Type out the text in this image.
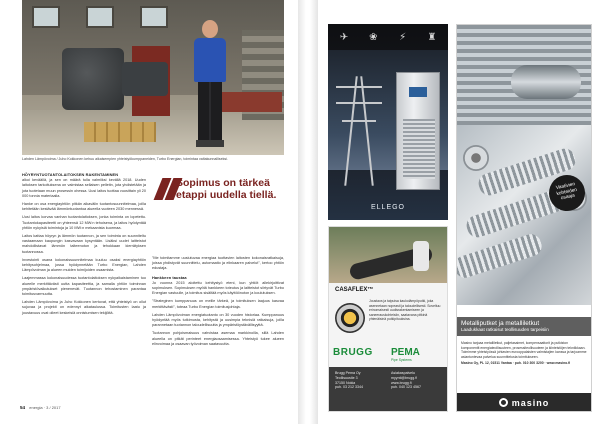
Lahden Lämpövoima / Juho Kokkonen kehuu aikaisempien yhteistyökumppaneiden, Turbo Energian, toimintaa valtakunnalliseksi.

HÖYRYNTUOTANTOLAITOKSEN RAKENTAMINEN

alkoi keväällä, ja sen on määrä tulla valmiiksi kevällä 2018. Uuden laitoksen tarkoituksena on valmistaa sellaisen pelletin, jota yhdistetään ja jota tuotetaan muun prosessin ohessa. Uusi laitos tuottaa vuosittain yli 20 000 tonnia materiaalia.

Hanke on osa energiayhtiön pitkän aikavälin tuotantosuunnitelmaa, joilla kehitetään kestävää lämmöntuotantoa alueella vuoteen 2030 mennessä.

Uusi laitos korvaa vanhan tuotantolaitoksen, jonka toiminta on lopetettu. Tuotantokapasiteetti on yhteensä 12 MW:n tehoisena, ja laitos hyödyntää yhtiön nykyisiä toimintoja ja 10 MW:n mekaanista kuormaa.

Laitos kattaa höyryn ja lämmön tuotannon, ja sen toiminta on suunniteltu vastaamaan kaupungin kasvavaan kysyntään. Lisäksi uudet laitteistot mahdollistavat lämmön talteenoton ja tehokkaan kierrätyksen tuotannossa.

Investointi osana kokonaissuunnitelmaa kuuluu osaksi energiayhtiön kehitysohjelmaa, jossa hyödynnetään Turbo Energian, Lahden Lämpövoiman ja alueen muiden toimijoiden osaamista.

Laajemmassa kokonaisuudessa tuotantolaitoksen nykyaikaistaminen tuo alueelle merkittävästi uutta kapasiteettia, ja samalla yhtiön toiminnan ympäristövaikutukset pienenevät. Tuotannon tehostaminen parantaa toimitusvarmuutta.

Lahden Lämpövoima ja Juho Kokkonen kertovat, että yhteistyö on ollut sujuvaa ja projekti on edennyt aikataulussa. Toimitusten laatu ja joustavuus ovat olleet keskeisiä onnistumisen tekijöitä.

Sopimus on tärkeä etappi uudella tiellä.

"Me toimitamme uusiutuvaa energiaa tuottavien laitosten kokonaisratkaisuja, joissa yhdistyvät suunnittelu, automaatio ja elinkaaren palvelut", kertoo yhtiön edustaja.

Hankkeen taustaa

Jo vuonna 2015 aloitettu kehitystyö eteni, kun yhtiöt allekirjoittivat sopimuksen. Sopimuksen myötä hankkeen toteutus ja laitteistot siirtyvät Turbo Energian vastuulle, ja toimitus sisältää myös käyttöönoton ja koulutuksen.

"Strateginen kumppanuus on meille tärkeä, ja toimituksen laajuus kasvaa merkittävästi", toteaa Turbo Energian toimitusjohtaja.

Lahden Lämpövoiman energiatuotanto on 30 vuoden historiaa. Kumppanuus hyödyntää myös tutkimusta, kehitystä ja uusimpia teknisiä ratkaisuja, joilla parannetaan tuotannon taloudellisuutta ja ympäristöystävällisyyttä.

Tuotannon pohjoismaisuus vahvistaa asemaa markkinoilla, sillä Lahden alueella on pitkät perinteet energiaosaamisessa. Yhteistyö tukee alueen elinvoimaa ja osaavan työvoiman saatavuutta.

54 energia · 3 / 2017
✈	❀	⚡	♜
ELLEGO
CASAFLEX™
Joustava ja taipuisa kaukolämpöputki, joka asennetaan nopeasti ja taloudellisesti. Soveltuu erinomaisesti uudisrakentamiseen ja saneerauskohteisiin, saatavana pitkinä yhtenäisinä putkipituuksina.
BRUGG PEMA
Pipe Systems
Brugg Pema Oy
Teollisuustie 3
37150 Nokia
puh. 03 212 3344
Asiakaspalvelu
myynti@brugg.fi
www.brugg.fi
puh. 040 123 4567
Vaativien kohteiden osaaja
Metalliputket ja metalliletkut
Laadukkaat ratkaisut teollisuuden tarpeisiin
Masino tarjoaa metalliletkut, paljetasaimet, kompensaattorit ja putkiston komponentit energiateollisuuteen, prosessiteollisuuteen ja kiinteistöjen tekniikkaan. Toimimme yhteistyössä johtavien eurooppalaisten valmistajien kanssa ja tarjoamme asiantuntevaa palvelua suunnittelusta toimitukseen.
Masino Oy, PL 12, 01511 Vantaa · puh. 010 300 3200 · www.masino.fi
masino
